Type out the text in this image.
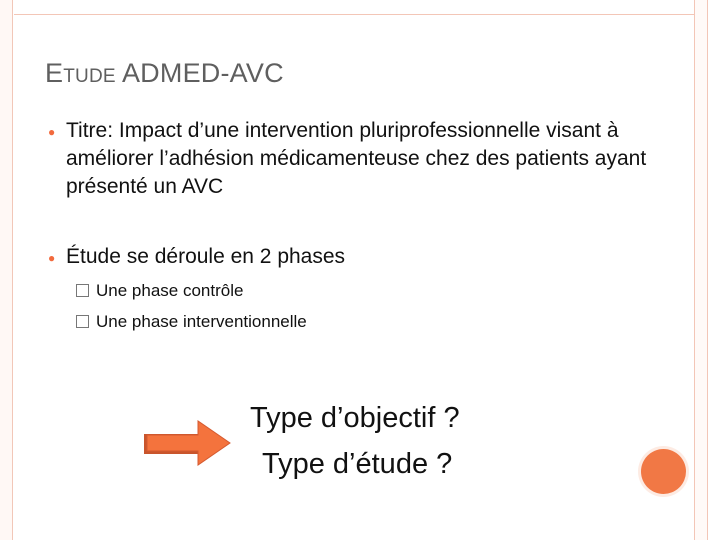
ETUDE ADMED-AVC
● Titre: Impact d’une intervention pluriprofessionnelle visant à améliorer l’adhésion médicamenteuse chez des patients ayant présenté un AVC
● Étude se déroule en 2 phases
Une phase contrôle
Une phase interventionnelle
Type d’objectif ?
Type d’étude ?
